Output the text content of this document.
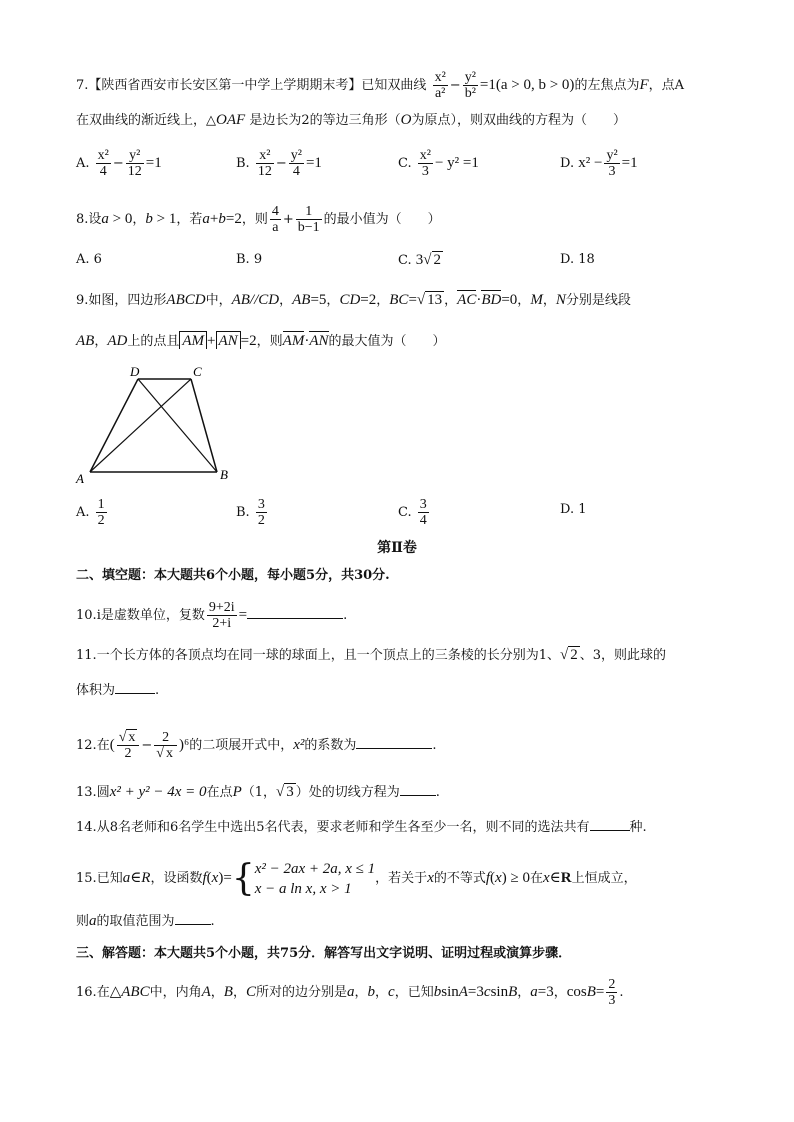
7.【陕西省西安市长安区第一中学上学期期末考】已知双曲线 $\frac{\text{x²}}{\text{a²}} - \frac{\text{y²}}{\text{b²}} =1(a > 0$, b > 0)的左焦点为F，点A
在双曲线的渐近线上，△OAF 是边长为2的等边三角形（O为原点），则双曲线的方程为（　　）
A. $\frac{\text{x²}}{4} - \frac{\text{y²}}{12} =1$	B. $\frac{\text{x²}}{12} - \frac{\text{y²}}{4} =1$	C. $\frac{\text{x²}}{3} - y^2 =1$	D. $x^2 - \frac{\text{y²}}{3} =1$
8.设a > 0，b > 1，若a+b=2，则 $\frac{4}{a} + \frac{1}{b-1}$ 的最小值为（　　）
A. 6	B. 9	C. 3√ 2	D. 18
9.如图，四边形ABCD中，AB//CD，AB=5，CD=2，BC=√ 13 ，AC·BD=0，M，N分别是线段
AB，AD上的点且 AM + AN =2，则AM·AN的最大值为（　　）
A	B
C
D
A. $\frac{1}{2}$	B. $\frac{3}{2}$	C. $\frac{3}{4}$	D. 1
第Ⅱ卷
二、填空题：本大题共6个小题，每小题5分，共30分.
10.i是虚数单位，复数 $\frac{9+2i}{2+i}$ =	.
11.一个长方体的各顶点均在同一球的球面上，且一个顶点上的三条棱的长分别为1、√ 2 、3，则此球的
体积为	.
12.在( $\frac{√ x}{2} - \frac{2}{√ x} )^6$的二项展开式中，x²的系数为	.
13.圆x² + y² − 4x = 0在点P（1，√ 3 ）处的切线方程为	.
14.从8名老师和6名学生中选出5名代表，要求老师和学生各至少一名，则不同的选法共有	种.
15.已知a∈R，设函数f(x)={ x² − 2ax + 2a, x ≤ 1
x − a ln x, x > 1
，若关于x的不等式f(x) ≥ 0在x∈R上恒成立，
则a的取值范围为	.
三、解答题：本大题共5个小题，共75分．解答写出文字说明、证明过程或演算步骤．
16.在△ABC中，内角A，B，C所对的边分别是a，b，c，已知bsinA=3csinB，a=3，$\cos B= \frac{2}{3}$ .
